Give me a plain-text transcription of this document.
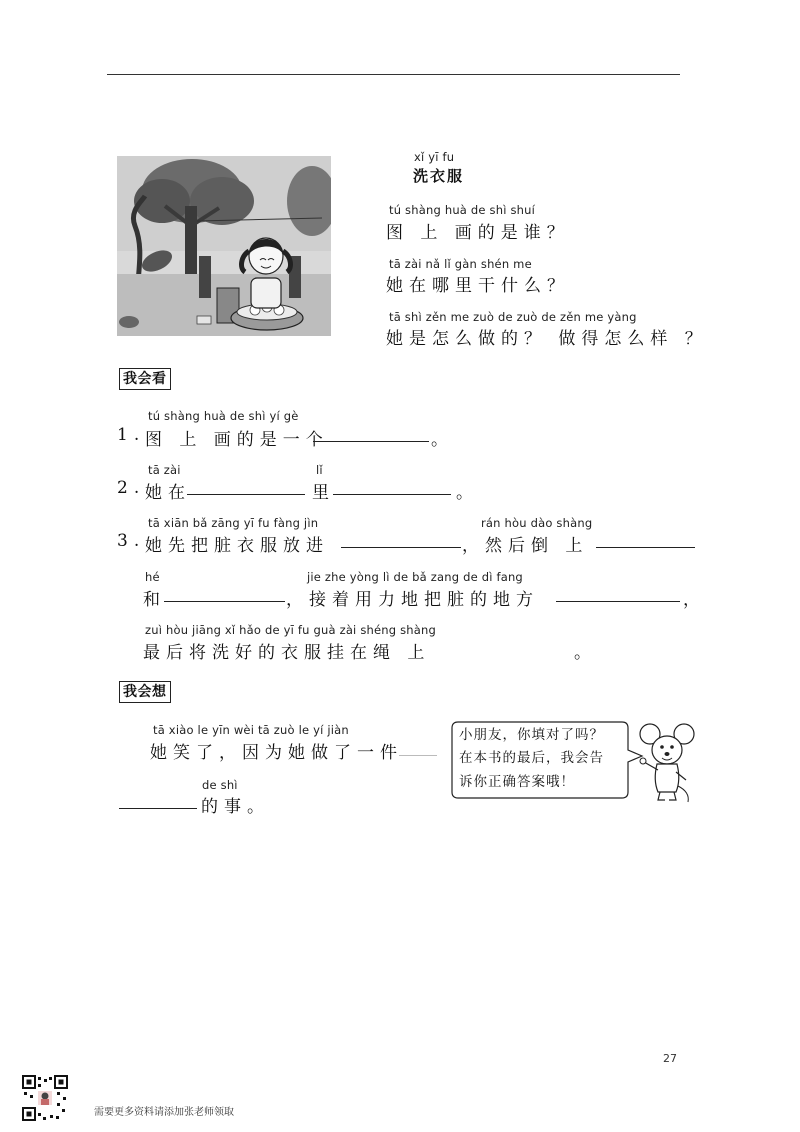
xǐ yī fu
洗衣服
tú shàng huà de shì shuí
图 上 画的是谁？
tā zài nǎ lǐ gàn shén me
她在哪里干什么？
tā shì zěn me zuò de zuò de zěn me yàng
她是怎么做的？ 做得怎么样 ？
我会看
tú shàng huà de shì yí gè
1. 图 上 画的是一个	。
tā zài	lǐ
2. 她在	里	。
tā xiān bǎ zāng yī fu fàng jìn	rán hòu dào shàng
3. 她先把脏衣服放进	，然后倒 上
hé	jie zhe yòng lì de bǎ zang de dì fang
和	，接着用力地把脏的地方	，
zuì hòu jiāng xǐ hǎo de yī fu guà zài shéng shàng
最后将洗好的衣服挂在绳 上	。
我会想
tā xiào le yīn wèi tā zuò le yí jiàn
她笑了，因为她做了一件
de shì
的事。
小朋友，你填对了吗？
在本书的最后，我会告
诉你正确答案哦！
27
需要更多资料请添加张老师领取
